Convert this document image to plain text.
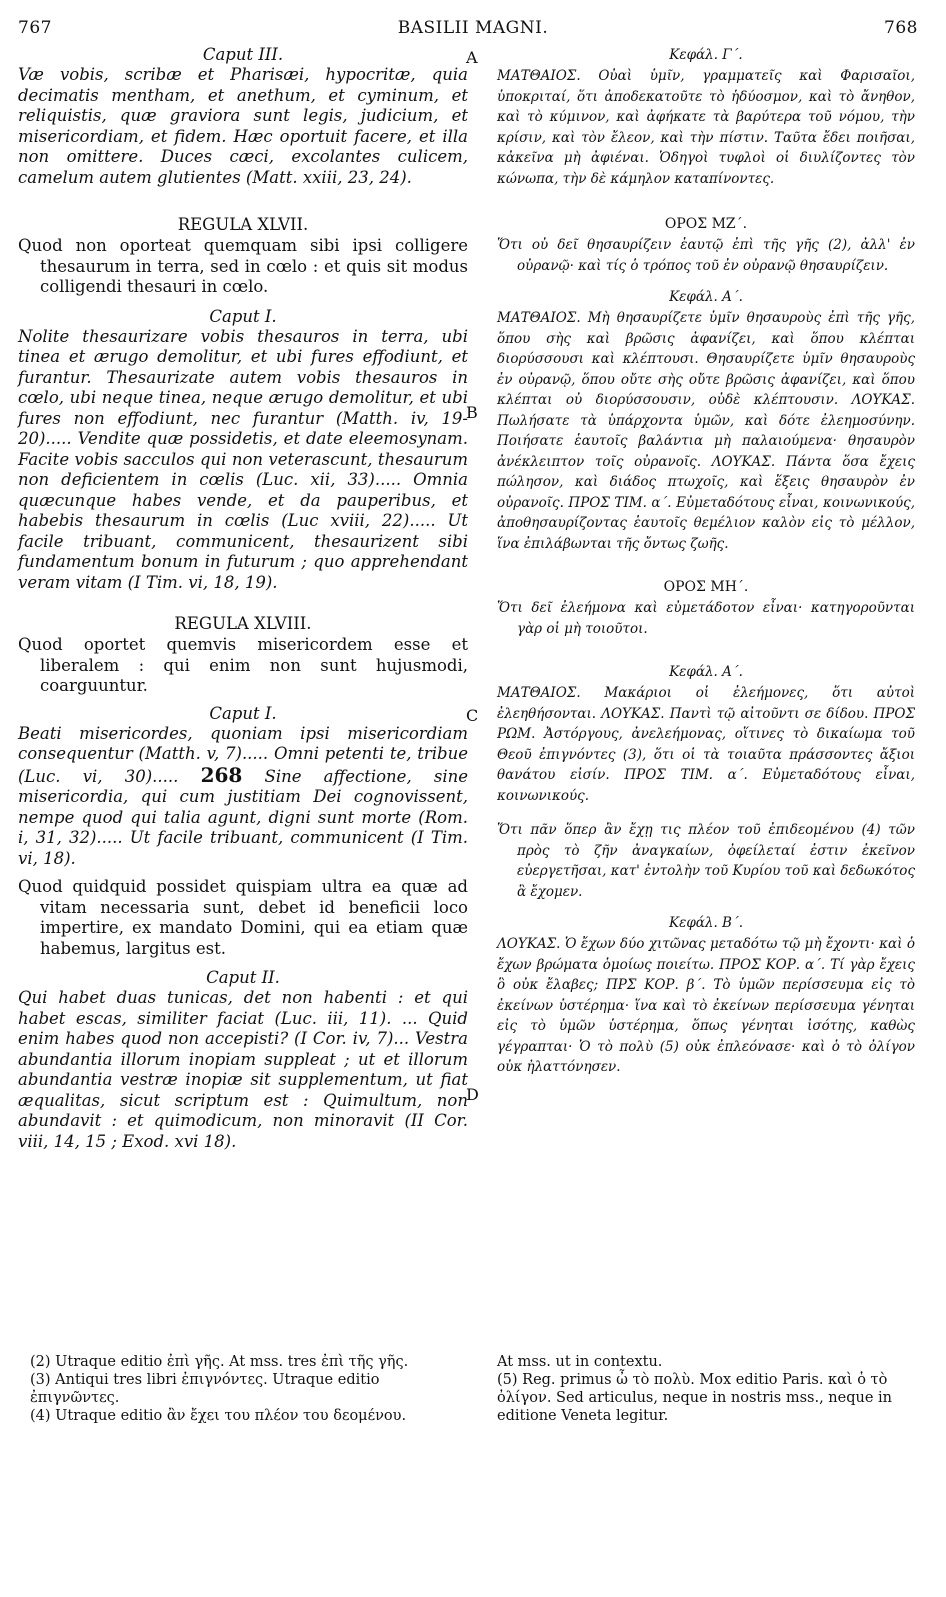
767	BASILII MAGNI.	768
A
B
C
D

Caput III.

Væ vobis, scribæ et Pharisæi, hypocritæ, quia decimatis mentham, et anethum, et cyminum, et reliquistis, quæ graviora sunt legis, judicium, et misericordiam, et fidem. Hæc oportuit facere, et illa non omittere. Duces cæci, excolantes culicem, camelum autem glutientes (Matt. xxiii, 23, 24).

REGULA XLVII.

Quod non oporteat quemquam sibi ipsi colligere thesaurum in terra, sed in cœlo : et quis sit modus colligendi thesauri in cœlo.

Caput I.

Nolite thesaurizare vobis thesauros in terra, ubi tinea et ærugo demolitur, et ubi fures effodiunt, et furantur. Thesaurizate autem vobis thesauros in cœlo, ubi neque tinea, neque ærugo demolitur, et ubi fures non effodiunt, nec furantur (Matth. iv, 19-20)..... Vendite quæ possidetis, et date eleemosynam. Facite vobis sacculos qui non veterascunt, thesaurum non deficientem in cœlis (Luc. xii, 33)..... Omnia quæcunque habes vende, et da pauperibus, et habebis thesaurum in cœlis (Luc xviii, 22)..... Ut facile tribuant, communicent, thesaurizent sibi fundamentum bonum in futurum ; quo apprehendant veram vitam (I Tim. vi, 18, 19).

REGULA XLVIII.

Quod oportet quemvis misericordem esse et liberalem : qui enim non sunt hujusmodi, coarguuntur.

Caput I.

Beati misericordes, quoniam ipsi misericordiam consequentur (Matth. v, 7)..... Omni petenti te, tribue (Luc. vi, 30)..... 268 Sine affectione, sine misericordia, qui cum justitiam Dei cognovissent, nempe quod qui talia agunt, digni sunt morte (Rom. i, 31, 32)..... Ut facile tribuant, communicent (I Tim. vi, 18).

Quod quidquid possidet quispiam ultra ea quæ ad vitam necessaria sunt, debet id beneficii loco impertire, ex mandato Domini, qui ea etiam quæ habemus, largitus est.

Caput II.

Qui habet duas tunicas, det non habenti : et qui habet escas, similiter faciat (Luc. iii, 11). ... Quid enim habes quod non accepisti? (I Cor. iv, 7)... Vestra abundantia illorum inopiam suppleat ; ut et illorum abundantia vestræ inopiæ sit supplementum, ut fiat æqualitas, sicut scriptum est : Quimultum, non abundavit : et quimodicum, non minoravit (II Cor. viii, 14, 15 ; Exod. xvi 18).

Κεφάλ. Γ΄.

ΜΑΤΘΑΙΟΣ. Οὐαὶ ὑμῖν, γραμματεῖς καὶ Φαρισαῖοι, ὑποκριταί, ὅτι ἀποδεκατοῦτε τὸ ἡδύοσμον, καὶ τὸ ἄνηθον, καὶ τὸ κύμινον, καὶ ἀφήκατε τὰ βαρύτερα τοῦ νόμου, τὴν κρίσιν, καὶ τὸν ἔλεον, καὶ τὴν πίστιν. Ταῦτα ἔδει ποιῆσαι, κἀκεῖνα μὴ ἀφιέναι. Ὁδηγοὶ τυφλοὶ οἱ διυλίζοντες τὸν κώνωπα, τὴν δὲ κάμηλον καταπίνοντες.

ΟΡΟΣ ΜΖ΄.

Ὅτι οὐ δεῖ θησαυρίζειν ἑαυτῷ ἐπὶ τῆς γῆς (2), ἀλλ' ἐν οὐρανῷ· καὶ τίς ὁ τρόπος τοῦ ἐν οὐρανῷ θησαυρίζειν.

Κεφάλ. Α΄.

ΜΑΤΘΑΙΟΣ. Μὴ θησαυρίζετε ὑμῖν θησαυροὺς ἐπὶ τῆς γῆς, ὅπου σὴς καὶ βρῶσις ἀφανίζει, καὶ ὅπου κλέπται διορύσσουσι καὶ κλέπτουσι. Θησαυρίζετε ὑμῖν θησαυροὺς ἐν οὐρανῷ, ὅπου οὔτε σὴς οὔτε βρῶσις ἀφανίζει, καὶ ὅπου κλέπται οὐ διορύσσουσιν, οὐδὲ κλέπτουσιν. ΛΟΥΚΑΣ. Πωλήσατε τὰ ὑπάρχοντα ὑμῶν, καὶ δότε ἐλεημοσύνην. Ποιήσατε ἑαυτοῖς βαλάντια μὴ παλαιούμενα· θησαυρὸν ἀνέκλειπτον τοῖς οὐρανοῖς. ΛΟΥΚΑΣ. Πάντα ὅσα ἔχεις πώλησον, καὶ διάδος πτωχοῖς, καὶ ἕξεις θησαυρὸν ἐν οὐρανοῖς. ΠΡΟΣ ΤΙΜ. α΄. Εὐμεταδότους εἶναι, κοινωνικούς, ἀποθησαυρίζοντας ἑαυτοῖς θεμέλιον καλὸν εἰς τὸ μέλλον, ἵνα ἐπιλάβωνται τῆς ὄντως ζωῆς.

ΟΡΟΣ ΜΗ΄.

Ὅτι δεῖ ἐλεήμονα καὶ εὐμετάδοτον εἶναι· κατηγοροῦνται γὰρ οἱ μὴ τοιοῦτοι.

Κεφάλ. Α΄.

ΜΑΤΘΑΙΟΣ. Μακάριοι οἱ ἐλεήμονες, ὅτι αὐτοὶ ἐλεηθήσονται. ΛΟΥΚΑΣ. Παντὶ τῷ αἰτοῦντι σε δίδου. ΠΡΟΣ ΡΩΜ. Ἀστόργους, ἀνελεήμονας, οἵτινες τὸ δικαίωμα τοῦ Θεοῦ ἐπιγνόντες (3), ὅτι οἱ τὰ τοιαῦτα πράσσοντες ἄξιοι θανάτου εἰσίν. ΠΡΟΣ ΤΙΜ. α΄. Εὐμεταδότους εἶναι, κοινωνικούς.

Ὅτι πᾶν ὅπερ ἂν ἔχῃ τις πλέον τοῦ ἐπιδεομένου (4) τῶν πρὸς τὸ ζῆν ἀναγκαίων, ὀφείλεταί ἐστιν ἐκεῖνον εὐεργετῆσαι, κατ' ἐντολὴν τοῦ Κυρίου τοῦ καὶ δεδωκότος ἃ ἔχομεν.

Κεφάλ. Β΄.

ΛΟΥΚΑΣ. Ὁ ἔχων δύο χιτῶνας μεταδότω τῷ μὴ ἔχοντι· καὶ ὁ ἔχων βρώματα ὁμοίως ποιείτω. ΠΡΟΣ ΚΟΡ. α΄. Τί γὰρ ἔχεις ὃ οὐκ ἔλαβες; ΠΡΣ ΚΟΡ. β΄. Τὸ ὑμῶν περίσσευμα εἰς τὸ ἐκείνων ὑστέρημα· ἵνα καὶ τὸ ἐκείνων περίσσευμα γένηται εἰς τὸ ὑμῶν ὑστέρημα, ὅπως γένηται ἰσότης, καθὼς γέγραπται· Ὁ τὸ πολὺ (5) οὐκ ἐπλεόνασε· καὶ ὁ τὸ ὀλίγον οὐκ ἠλαττόνησεν.

(2) Utraque editio ἐπὶ γῆς. At mss. tres ἐπὶ τῆς γῆς.

(3) Antiqui tres libri ἐπιγνόντες. Utraque editio ἐπιγνῶντες.

(4) Utraque editio ἂν ἔχει του πλέον του δεομένου.

At mss. ut in contextu.

(5) Reg. primus ὦ τὸ πολὺ. Mox editio Paris. καὶ ὁ τὸ ὀλίγον. Sed articulus, neque in nostris mss., neque in editione Veneta legitur.
